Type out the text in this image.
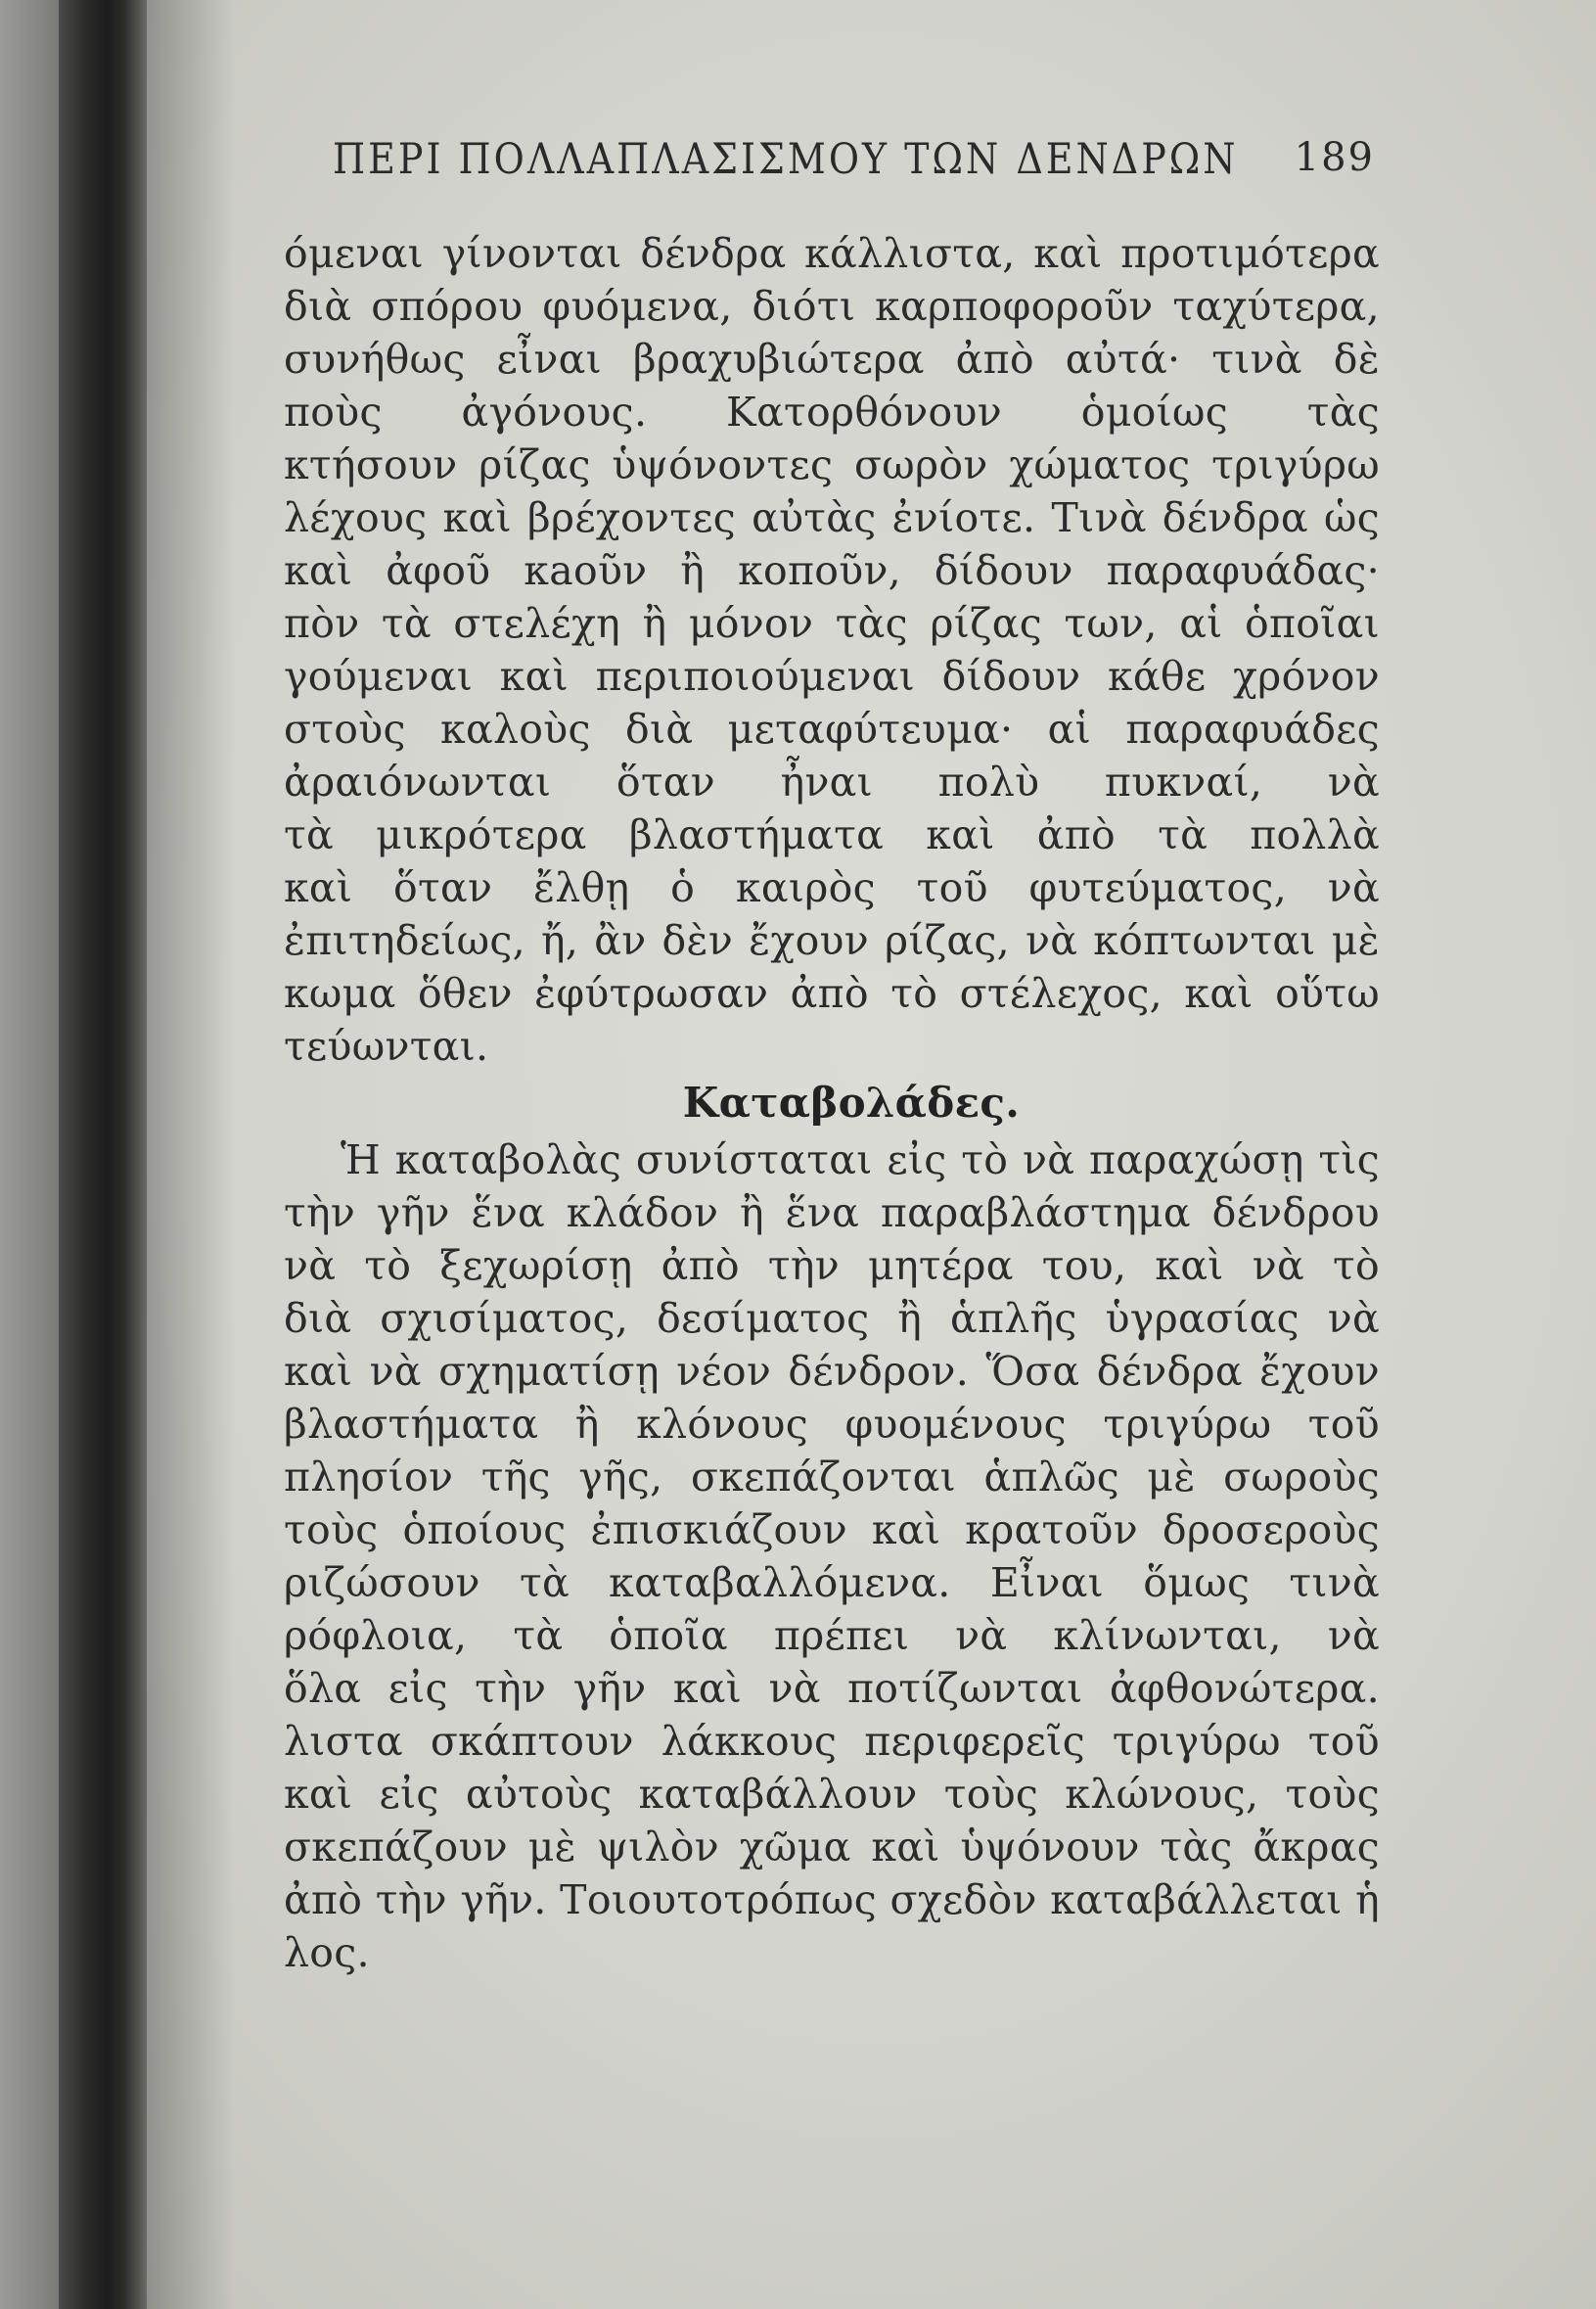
ΠΕΡΙ ΠΟΛΛΑΠΛΑΣΙΣΜΟΥ ΤΩΝ ΔΕΝΔΡΩΝ 189
όμεναι γίνονται δένδρα κάλλιστα, καὶ προτιμότερα
διὰ σπόρου φυόμενα, διότι καρποφοροῦν ταχύτερα,
συνήθως εἶναι βραχυβιώτερα ἀπὸ αὐτά· τινὰ δὲ
ποὺς ἀγόνους. Κατορθόνουν ὁμοίως τὰς
κτήσουν ρίζας ὑψόνοντες σωρὸν χώματος τριγύρω
λέχους καὶ βρέχοντες αὐτὰς ἐνίοτε. Τινὰ δένδρα ὡς
καὶ ἀφοῦ κaοῦν ἢ κοποῦν, δίδουν παραφυάδας·
πὸν τὰ στελέχη ἢ μόνον τὰς ρίζας των, αἱ ὁποῖαι
γούμεναι καὶ περιποιούμεναι δίδουν κάθε χρόνον
στοὺς καλοὺς διὰ μεταφύτευμα· αἱ παραφυάδες
ἀραιόνωνται ὅταν ἦναι πολὺ πυκναί, νὰ
τὰ μικρότερα βλαστήματα καὶ ἀπὸ τὰ πολλὰ
καὶ ὅταν ἔλθῃ ὁ καιρὸς τοῦ φυτεύματος, νὰ
ἐπιτηδείως, ἤ, ἂν δὲν ἔχουν ρίζας, νὰ κόπτωνται μὲ
κωμα ὅθεν ἐφύτρωσαν ἀπὸ τὸ στέλεχος, καὶ οὕτω
τεύωνται.
Καταβολάδες.
Ἡ καταβολὰς συνίσταται εἰς τὸ νὰ παραχώσῃ τὶς
τὴν γῆν ἕνα κλάδον ἢ ἕνα παραβλάστημα δένδρου
νὰ τὸ ξεχωρίσῃ ἀπὸ τὴν μητέρα του, καὶ νὰ τὸ
διὰ σχισίματος, δεσίματος ἢ ἁπλῆς ὑγρασίας νὰ
καὶ νὰ σχηματίσῃ νέον δένδρον. Ὅσα δένδρα ἔχουν
βλαστήματα ἢ κλόνους φυομένους τριγύρω τοῦ
πλησίον τῆς γῆς, σκεπάζονται ἁπλῶς μὲ σωροὺς
τοὺς ὁποίους ἐπισκιάζουν καὶ κρατοῦν δροσεροὺς
ριζώσουν τὰ καταβαλλόμενα. Εἶναι ὅμως τινὰ
ρόφλοια, τὰ ὁποῖα πρέπει νὰ κλίνωνται, νὰ
ὅλα εἰς τὴν γῆν καὶ νὰ ποτίζωνται ἀφθονώτερα.
λιστα σκάπτουν λάκκους περιφερεῖς τριγύρω τοῦ
καὶ εἰς αὐτοὺς καταβάλλουν τοὺς κλώνους, τοὺς
σκεπάζουν μὲ ψιλὸν χῶμα καὶ ὑψόνουν τὰς ἄκρας
ἀπὸ τὴν γῆν. Τοιουτοτρόπως σχεδὸν καταβάλλεται ἡ
λος.
